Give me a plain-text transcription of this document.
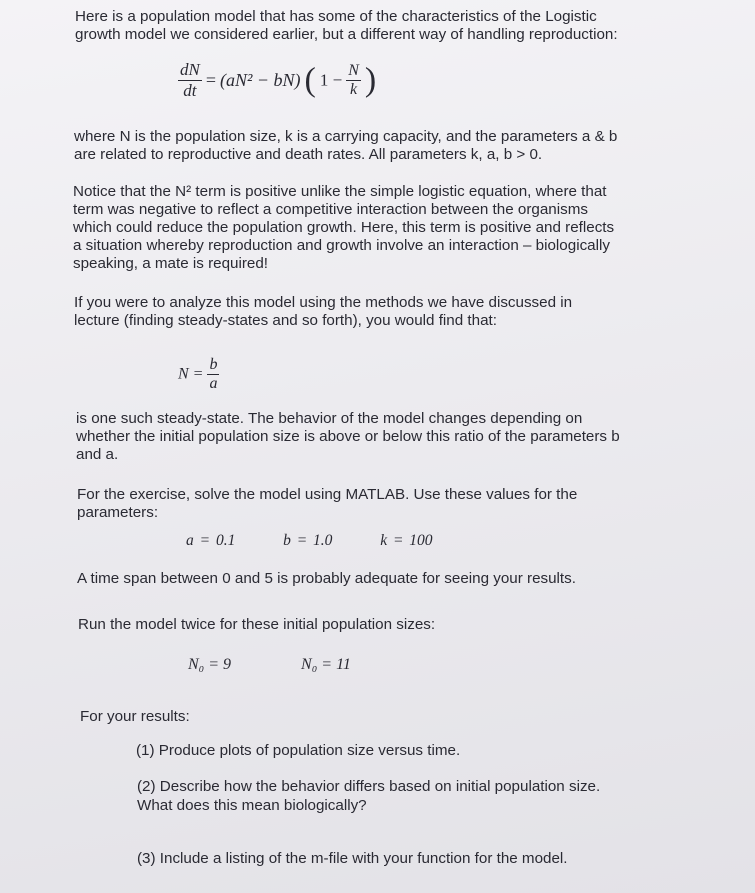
Here is a population model that has some of the characteristics of the Logistic
growth model we considered earlier, but a different way of handling reproduction:
$\frac{dN}{dt} = (aN^2 - bN)$ ( $1 - \frac{N}{k}$ )
where N is the population size, k is a carrying capacity, and the parameters a & b
are related to reproductive and death rates. All parameters k, a, b > 0.
Notice that the N² term is positive unlike the simple logistic equation, where that
term was negative to reflect a competitive interaction between the organisms
which could reduce the population growth. Here, this term is positive and reflects
a situation whereby reproduction and growth involve an interaction – biologically
speaking, a mate is required!
If you were to analyze this model using the methods we have discussed in
lecture (finding steady-states and so forth), you would find that:
$N = \frac{b}{a}$
is one such steady-state. The behavior of the model changes depending on
whether the initial population size is above or below this ratio of the parameters b
and a.
For the exercise, solve the model using MATLAB. Use these values for the
parameters:
a = 0.1	b = 1.0	k = 100
A time span between 0 and 5 is probably adequate for seeing your results.
Run the model twice for these initial population sizes:
N₀ = 9	N₀ = 11
For your results:
(1) Produce plots of population size versus time.
(2) Describe how the behavior differs based on initial population size.
What does this mean biologically?
(3) Include a listing of the m-file with your function for the model.
